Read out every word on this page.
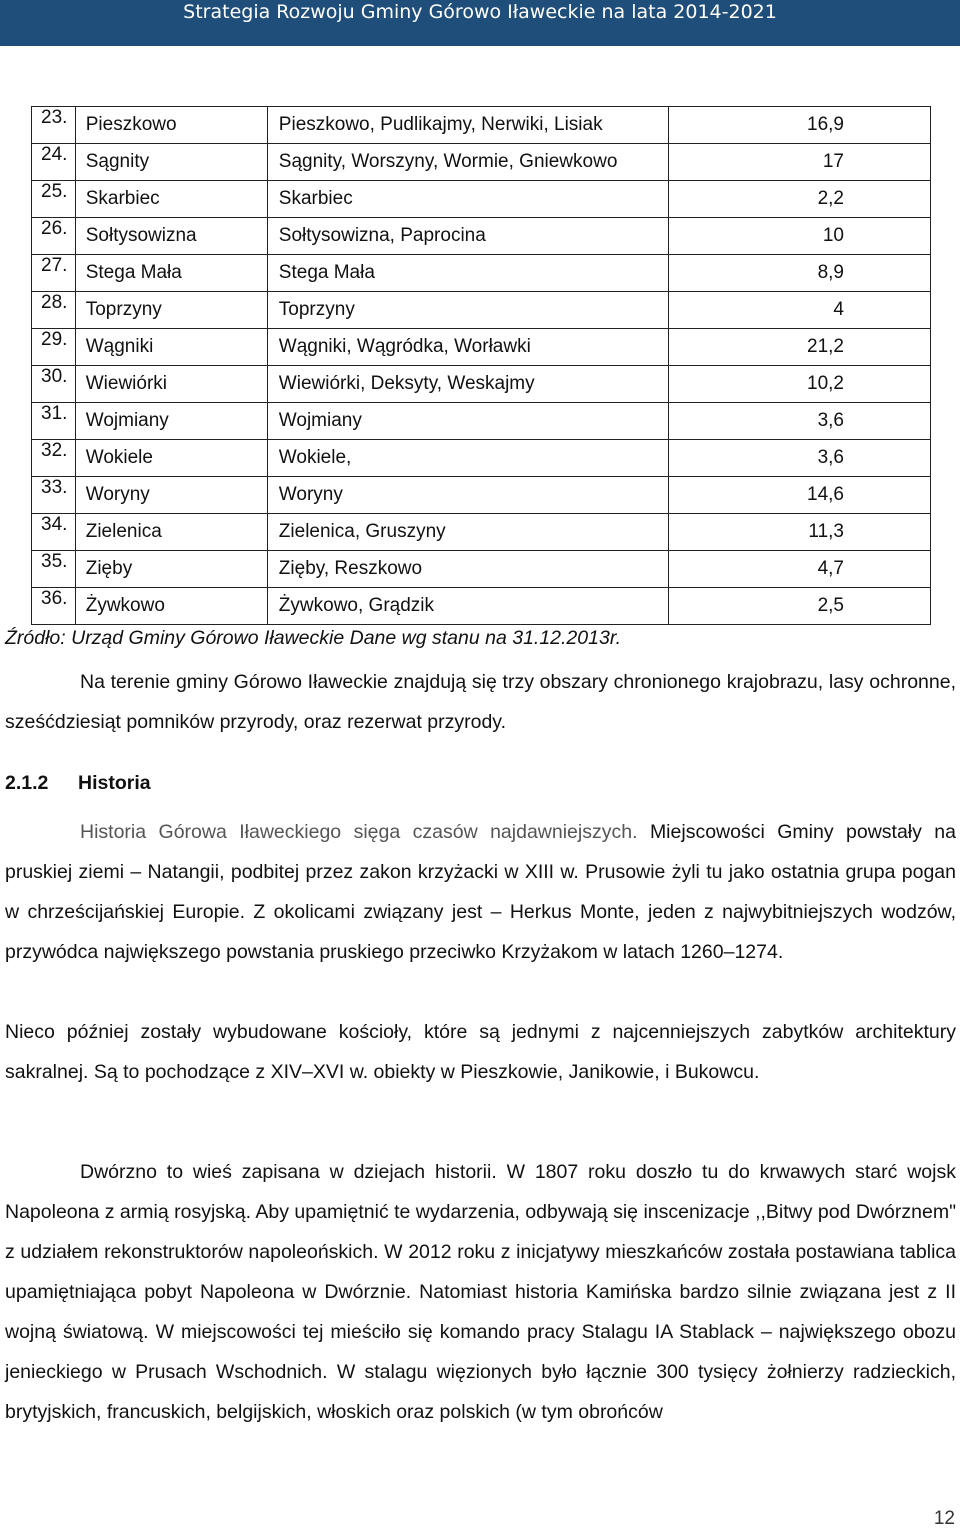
Strategia Rozwoju Gminy Górowo Iławeckie na lata 2014-2021
23.	Pieszkowo	Pieszkowo, Pudlikajmy, Nerwiki, Lisiak	16,9

24.	Sągnity	Sągnity, Worszyny, Wormie, Gniewkowo	17

25.	Skarbiec	Skarbiec	2,2

26.	Sołtysowizna	Sołtysowizna, Paprocina	10

27.	Stega Mała	Stega Mała	8,9

28.	Toprzyny	Toprzyny	4

29.	Wągniki	Wągniki, Wągródka, Worławki	21,2

30.	Wiewiórki	Wiewiórki, Deksyty, Weskajmy	10,2

31.	Wojmiany	Wojmiany	3,6

32.	Wokiele	Wokiele,	3,6

33.	Woryny	Woryny	14,6

34.	Zielenica	Zielenica, Gruszyny	11,3

35.	Zięby	Zięby, Reszkowo	4,7

36.	Żywkowo	Żywkowo, Grądzik	2,5
Źródło: Urząd Gminy Górowo Iławeckie Dane wg stanu na 31.12.2013r.

Na terenie gminy Górowo Iławeckie znajdują się trzy obszary chronionego krajobrazu, lasy ochronne, sześćdziesiąt pomników przyrody, oraz rezerwat przyrody.

2.1.2 Historia

Historia Górowa Iławeckiego sięga czasów najdawniejszych. Miejscowości Gminy powstały na pruskiej ziemi – Natangii, podbitej przez zakon krzyżacki w XIII w. Prusowie żyli tu jako ostatnia grupa pogan w chrześcijańskiej Europie. Z okolicami związany jest – Herkus Monte, jeden z najwybitniejszych wodzów, przywódca największego powstania pruskiego przeciwko Krzyżakom w latach 1260–1274.

Nieco później zostały wybudowane kościoły, które są jednymi z najcenniejszych zabytków architektury sakralnej. Są to pochodzące z XIV–XVI w. obiekty w Pieszkowie, Janikowie, i Bukowcu.

Dwórzno to wieś zapisana w dziejach historii. W 1807 roku doszło tu do krwawych starć wojsk Napoleona z armią rosyjską. Aby upamiętnić te wydarzenia, odbywają się inscenizacje ,,Bitwy pod Dwórznem" z udziałem rekonstruktorów napoleońskich. W 2012 roku z inicjatywy mieszkańców została postawiana tablica upamiętniająca pobyt Napoleona w Dwórznie. Natomiast historia Kamińska bardzo silnie związana jest z II wojną światową. W miejscowości tej mieściło się komando pracy Stalagu IA Stablack – największego obozu jenieckiego w Prusach Wschodnich. W stalagu więzionych było łącznie 300 tysięcy żołnierzy radzieckich, brytyjskich, francuskich, belgijskich, włoskich oraz polskich (w tym obrońców

12
